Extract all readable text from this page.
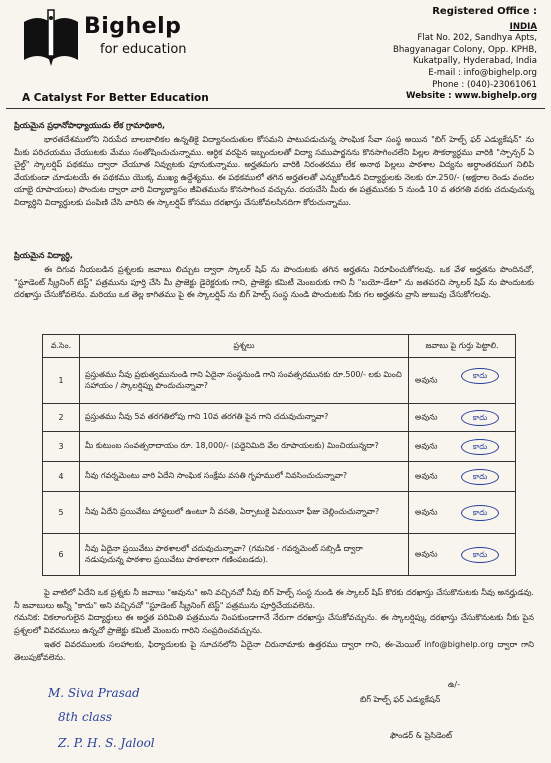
Bighelp
for education
A Catalyst For Better Education
Registered Office :
INDIA
Flat No. 202, Sandhya Apts,
Bhagyanagar Colony, Opp. KPHB,
Kukatpally, Hyderabad, India
E-mail : info@bighelp.org
Phone : (040)-23061061
Website : www.bighelp.org
ప్రియమైన ప్రధానోపాధ్యాయుడు లేక గ్రామాధికారి,
భారతదేశములోని నిరుపేద బాలబాలికల ఉన్నతికై విద్యానందుతుల కోసమని పాటుపడుచున్న సాంఘిక సేవా సంస్థ అయిన "బిగ్ హెల్ప్ ఫర్ ఎడ్యుకేషన్" ను మీకు పరిచయము చేయుటకు మేము సంతోషించుచున్నాము. ఆర్ధిక వరపైన ఇబ్బందులతో విద్యా సముపార్జనను కొనసాగించలేని పిల్లల సౌకర్యార్ధము వారికి "స్పాన్సర్ ఏ చైల్డ్" స్కాలర్షిప్ పథకము ద్వారా చేయూత నివ్వుటకు పూనుకున్నాము. అర్హతమగు వారికి నిరంతరము లేక అనాథ పిల్లలు పాఠశాల విద్యను అర్ధాంతరముగ నిలిపి వేయకుండా చూడుటయే ఈ పథకము యొక్క ముఖ్య ఉద్దేశ్యము. ఈ పథకములో తగిన అర్హతలతో ఎన్నుకోబడిన విద్యార్ధులకు నెలకు రూ.250/- (అక్షరాల రెండు వందల యాభై రూపాయలు) పొందుట ద్వారా వారి విద్యాభ్యాసం జీవితమును కొనసాగించ వచ్చును. దయచేసి మీరు ఈ పత్రమునకు 5 నుండి 10 వ తరగతి వరకు చదువుచున్న విద్యార్ధిని విద్యార్ధులకు పంపిణి చేసి వారిని ఈ స్కాలర్షిప్ కోసము దరఖాస్తు చేసుకోవలసినదిగా కోరుచున్నాము.
ప్రియమైన విద్యార్ధి,
ఈ దిగువ నీయబడిన ప్రశ్నలకు జవాబు లిచ్చుట ద్వారా స్కాలర్ షిప్ ను పొందుటకు తగిన అర్హతను నిరూపించుకోగలవు. ఒక వేళ అర్హతను పొందినచో, "స్టూడెంట్ స్క్రీనింగ్ టెస్ట్" పత్రమును పూర్తి చేసి మీ ప్రాజెక్టు డైరెక్టరుకు గాని, ప్రాజెక్టు కమిటీ మెంబరుకు గాని నీ "బయో-డేటా" ను జతపరచి స్కాలర్ షిప్ ను పొందుటకు దరఖాస్తు చేసుకోవలెను. మరియు ఒక తెల్ల కాగితము పై ఈ స్కాలర్షిప్ ను బిగ్ హెల్ప్ సంస్థ నుండి పొందుటకు నీకు గల అర్హతను వ్రాసి జుబువు చేసుకోగలవు.
వ.సెం.	ప్రశ్నలు	జవాబు పై గుర్తు పెట్టాలి.
1	ప్రస్తుతము నీవు ప్రభుత్వమునుండి గాని ఏదైనా సంస్థనుండి గాని సంవత్సరమునకు రూ.500/- లకు మించి సహాయం / స్కాలర్షిప్ను పొందుచున్నావా?	అవును కాదు

2	ప్రస్తుతము నీవు 5వ తరగతిలోపు గాని 10వ తరగతి పైన గాని చదువుచున్నావా?	అవును కాదు

3	మీ కుటుంబ సంవత్సరాదాయం రూ. 18,000/- (పద్దెనిమిది వేల రూపాయలకు) మించియున్నదా?	అవును కాదు

4	నీవు గవర్నమెంటు వారి ఏదేని సాంఘిక సంక్షేమ వసతి గృహములో నివసించుచున్నావా?	అవును కాదు

5	నీవు ఏదేని ప్రయివేటు హాస్టలులో ఉంటూ నీ వసతి, ఏర్పాటుకై ఏమయినా ఫీజు చెల్లించుచున్నావా?	అవును కాదు

6	నీవు ఏదైనా ప్రయివేటు పాఠశాలలో చదువుచున్నావా? (గమనిక - గవర్నమెంట్ సబ్సిడీ ద్వారా నడుపుచున్న పాఠశాల ప్రయివేటు పాఠశాలగా గణింపబడదు).	అవును కాదు
పై వాటిలో ఏదేని ఒక ప్రశ్నకు నీ జవాబు "అవును" అని వచ్చినచో నీవు బిగ్ హెల్ప్ సంస్థ నుండి ఈ స్కాలర్ షిప్ కొరకు దరఖాస్తు చేసుకొనుటకు నీవు అనర్హుడవు. నీ జవాబులు అన్నీ "కాదు" అని వచ్చినచో "స్టూడెంట్ స్క్రీనింగ్ టెస్ట్" పత్రమును పూర్తిచేయవలెను.
గమనిక: వికలాంగులైన విద్యార్ధులు ఈ అర్హత పరిమితి పత్రమును నింపకుండాగానే నేరుగా దరఖాస్తు చేసుకోవచ్చును. ఈ స్కాలర్షిప్కు దరఖాస్తు చేసుకొనుటకు నీకు పైన ప్రశ్నలలో వివరములు ఉన్నచో ప్రాజెక్టు కమిటీ మెంబరు గారిని సంప్రదించవచ్చును.
ఇతర వివరములకు సలహాలకు, ఫిర్యాదులకు పై సూచనలోని ఏదైనా చిరునామాకు ఉత్తరము ద్వారా గాని, ఈ-మెయిల్ info@bighelp.org ద్వారా గాని తెలుపుకోవలెను.
ఉ/-
బిగ్ హెల్ప్ ఫర్ ఎడ్యుకేషన్
ఫౌండర్ & ప్రెసిడెంట్
M. Siva Prasad
8th class
Z. P. H. S. Jalool
